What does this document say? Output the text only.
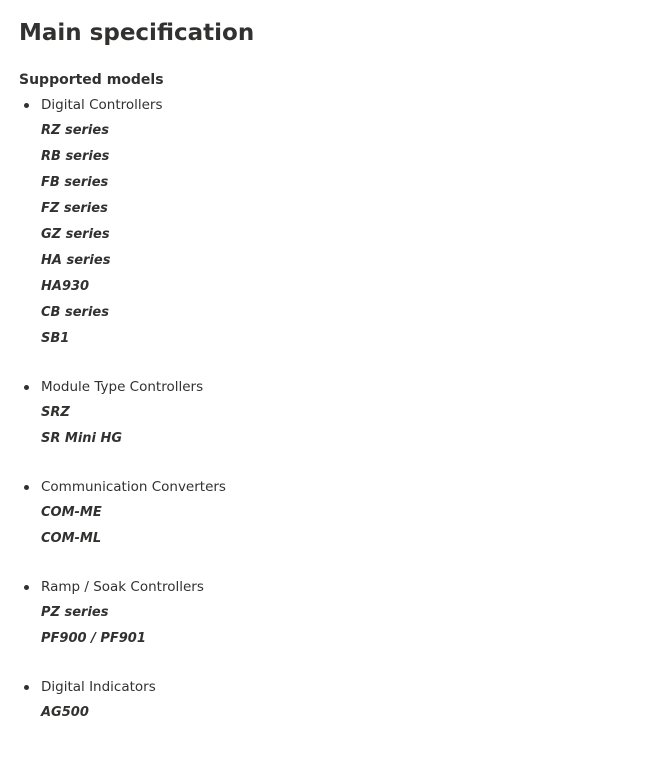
Main specification
Supported models
Digital Controllers
RZ series
RB series
FB series
FZ series
GZ series
HA series
HA930
CB series
SB1
Module Type Controllers
SRZ
SR Mini HG
Communication Converters
COM-ME
COM-ML
Ramp / Soak Controllers
PZ series
PF900 / PF901
Digital Indicators
AG500
